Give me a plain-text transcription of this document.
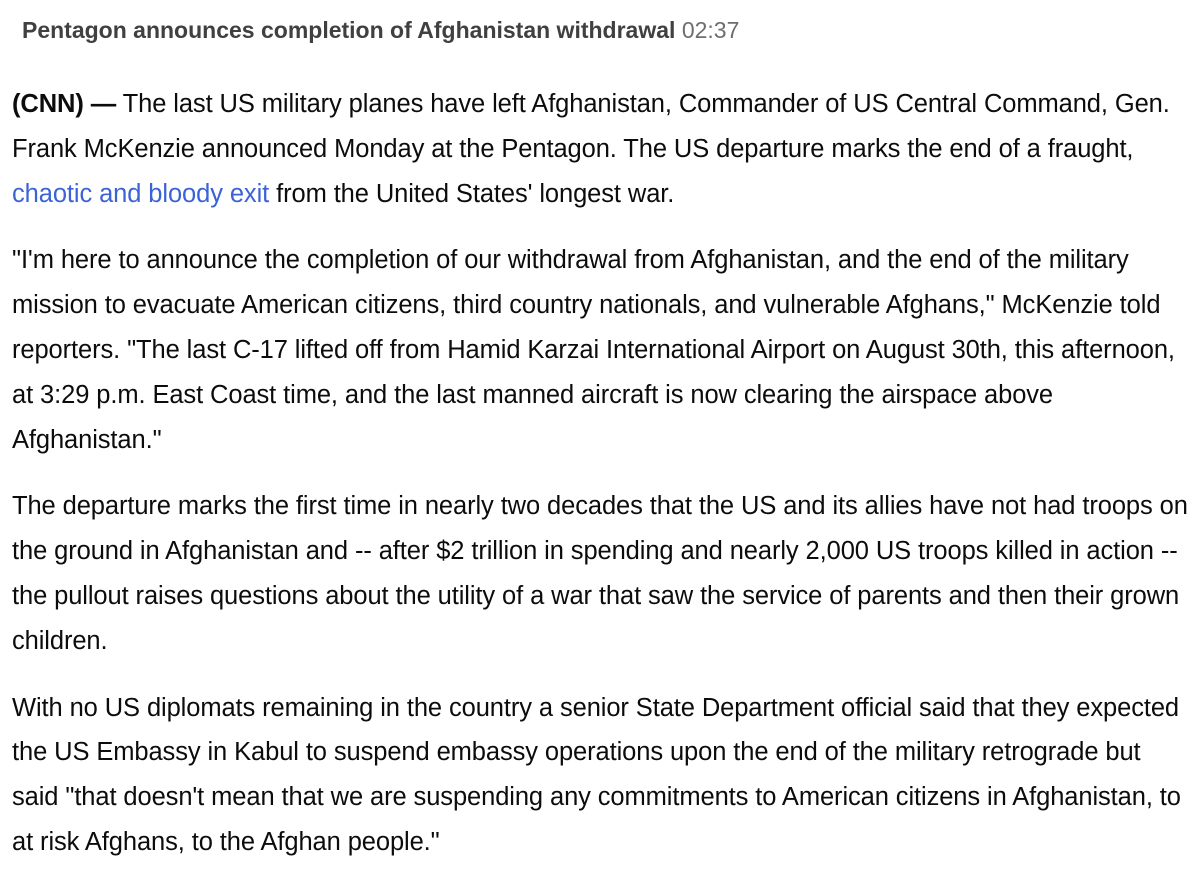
Pentagon announces completion of Afghanistan withdrawal 02:37

(CNN) — The last US military planes have left Afghanistan, Commander of US Central Command, Gen. Frank McKenzie announced Monday at the Pentagon. The US departure marks the end of a fraught, chaotic and bloody exit from the United States' longest war.

"I'm here to announce the completion of our withdrawal from Afghanistan, and the end of the military mission to evacuate American citizens, third country nationals, and vulnerable Afghans," McKenzie told reporters. "The last C-17 lifted off from Hamid Karzai International Airport on August 30th, this afternoon, at 3:29 p.m. East Coast time, and the last manned aircraft is now clearing the airspace above Afghanistan."

The departure marks the first time in nearly two decades that the US and its allies have not had troops on the ground in Afghanistan and -- after $2 trillion in spending and nearly 2,000 US troops killed in action -- the pullout raises questions about the utility of a war that saw the service of parents and then their grown children.

With no US diplomats remaining in the country a senior State Department official said that they expected the US Embassy in Kabul to suspend embassy operations upon the end of the military retrograde but said "that doesn't mean that we are suspending any commitments to American citizens in Afghanistan, to at risk Afghans, to the Afghan people."
